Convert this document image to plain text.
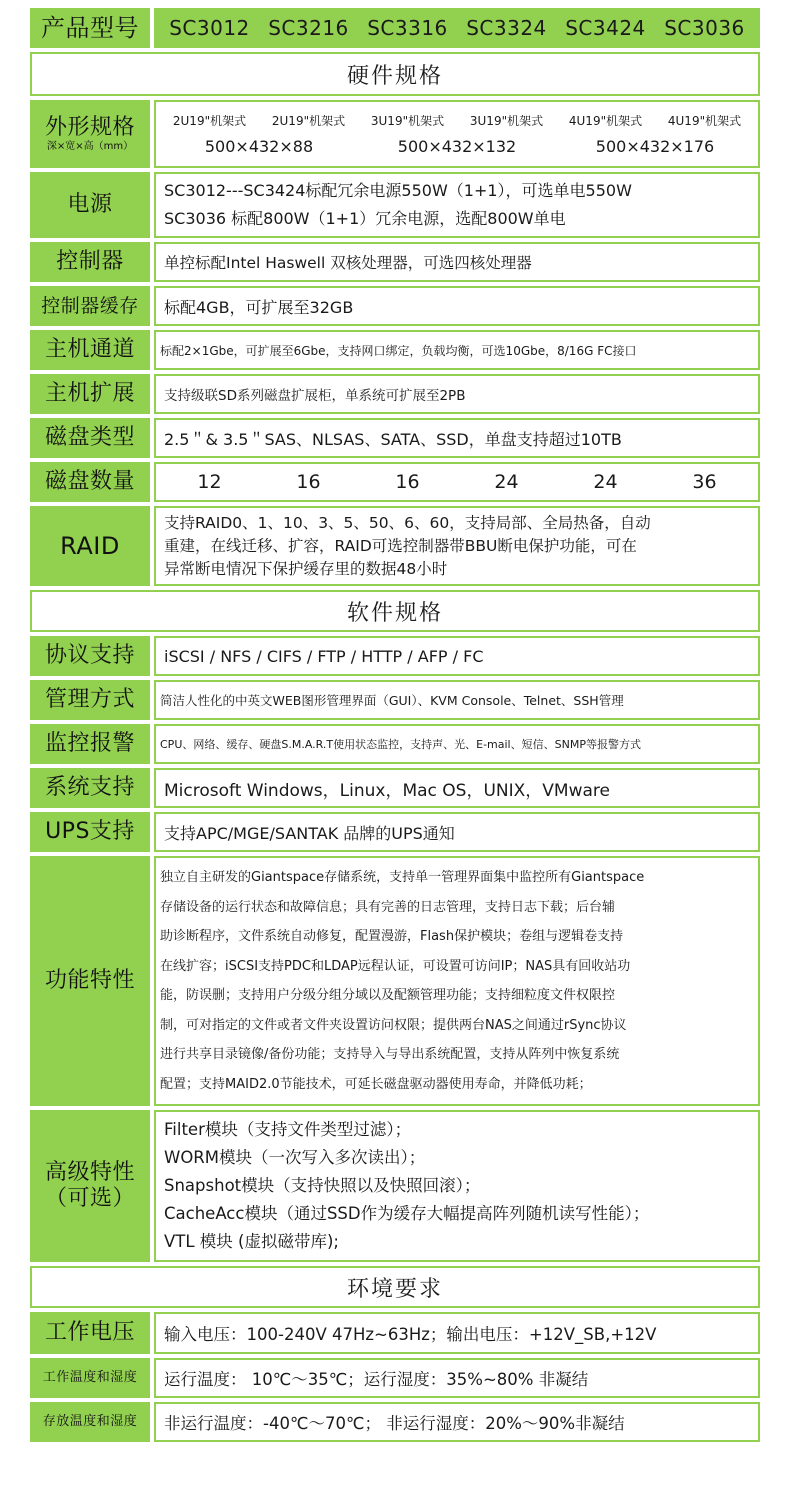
产品型号	SC3012 SC3216 SC3316 SC3324 SC3424 SC3036
硬件规格
外形规格
深×宽×高（mm）
2U19"机架式	2U19"机架式	3U19"机架式	3U19"机架式	4U19"机架式	4U19"机架式
500×432×88	500×432×132	500×432×176
电源
SC3012---SC3424标配冗余电源550W（1+1），可选单电550W
SC3036 标配800W（1+1）冗余电源，选配800W单电
控制器	单控标配Intel Haswell 双核处理器，可选四核处理器
控制器缓存	标配4GB，可扩展至32GB
主机通道	标配2×1Gbe，可扩展至6Gbe，支持网口绑定，负载均衡，可选10Gbe，8/16G FC接口
主机扩展	支持级联SD系列磁盘扩展柜，单系统可扩展至2PB
磁盘类型	2.5＂& 3.5＂SAS、NLSAS、SATA、SSD，单盘支持超过10TB
磁盘数量	12	16	16	24	24	36
RAID
支持RAID0、1、10、3、5、50、6、60，支持局部、全局热备，自动
重建，在线迁移、扩容，RAID可选控制器带BBU断电保护功能，可在
异常断电情况下保护缓存里的数据48小时
软件规格
协议支持	iSCSI / NFS / CIFS / FTP / HTTP / AFP / FC
管理方式	简洁人性化的中英文WEB图形管理界面（GUI）、KVM Console、Telnet、SSH管理
监控报警	CPU、网络、缓存、硬盘S.M.A.R.T使用状态监控，支持声、光、E-mail、短信、SNMP等报警方式
系统支持	Microsoft Windows，Linux，Mac OS，UNIX，VMware
UPS支持	支持APC/MGE/SANTAK 品牌的UPS通知
功能特性
独立自主研发的Giantspace存储系统，支持单一管理界面集中监控所有Giantspace
存储设备的运行状态和故障信息；具有完善的日志管理，支持日志下载；后台辅
助诊断程序，文件系统自动修复，配置漫游，Flash保护模块；卷组与逻辑卷支持
在线扩容；iSCSI支持PDC和LDAP远程认证，可设置可访问IP；NAS具有回收站功
能，防误删；支持用户分级分组分域以及配额管理功能；支持细粒度文件权限控
制，可对指定的文件或者文件夹设置访问权限；提供两台NAS之间通过rSync协议
进行共享目录镜像/备份功能；支持导入与导出系统配置，支持从阵列中恢复系统
配置；支持MAID2.0节能技术，可延长磁盘驱动器使用寿命，并降低功耗；
高级特性
（可选）
Filter模块（支持文件类型过滤）；
WORM模块（一次写入多次读出）；
Snapshot模块（支持快照以及快照回滚）；
CacheAcc模块（通过SSD作为缓存大幅提高阵列随机读写性能）；
VTL 模块 (虚拟磁带库);
环境要求
工作电压	输入电压：100-240V 47Hz~63Hz；输出电压：+12V_SB,+12V
工作温度和湿度	运行温度： 10℃～35℃；运行湿度：35%~80% 非凝结
存放温度和湿度	非运行温度：-40℃～70℃； 非运行湿度：20%～90%非凝结
